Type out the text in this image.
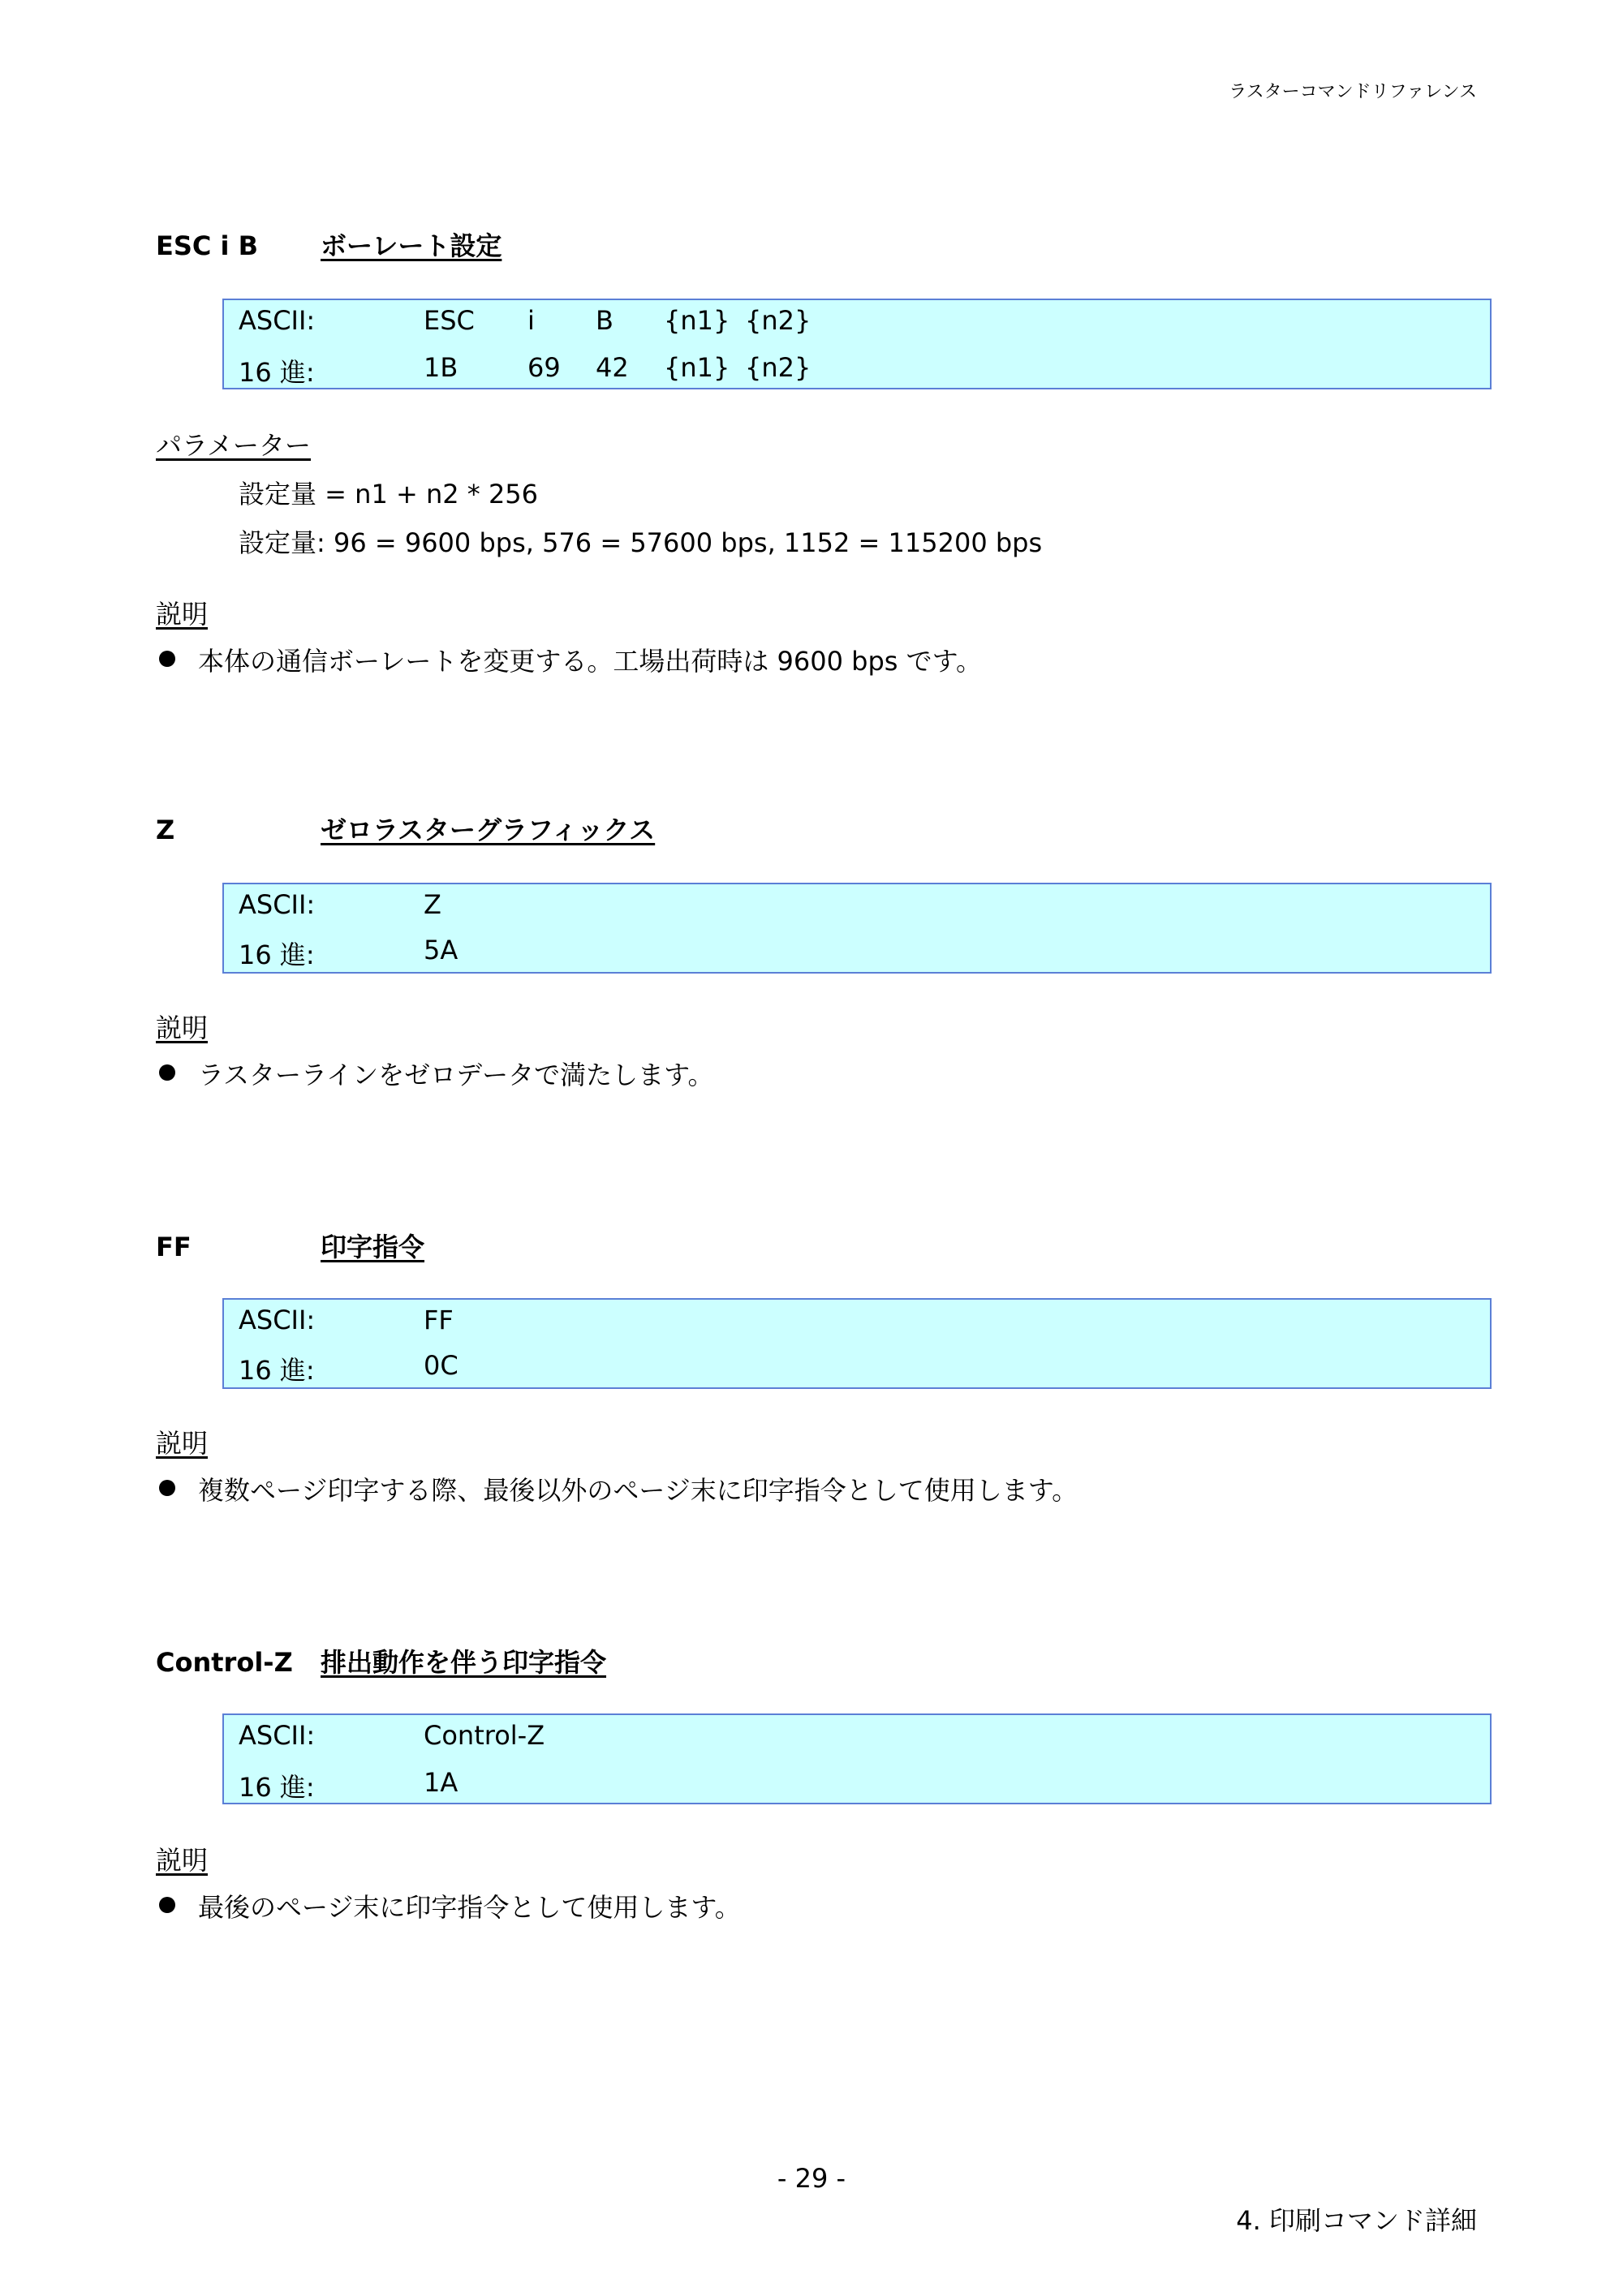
ラスターコマンドリファレンス
ESC i B ボーレート設定
ASCII:	ESC i B {n1} {n2}
16 進:	1B	69 42 {n1} {n2}
パラメーター
設定量 = n1 + n2 * 256
設定量: 96 = 9600 bps, 576 = 57600 bps, 1152 = 115200 bps
説明
本体の通信ボーレートを変更する。工場出荷時は 9600 bps です。
Z	ゼロラスターグラフィックス
ASCII:	Z
16 進:	5A
説明
ラスターラインをゼロデータで満たします。
FF	印字指令
ASCII:	FF
16 進:	0C
説明
複数ページ印字する際、最後以外のページ末に印字指令として使用します。
Control-Z 排出動作を伴う印字指令
ASCII:	Control-Z
16 進:	1A
説明
最後のページ末に印字指令として使用します。
- 29 -
4. 印刷コマンド詳細
